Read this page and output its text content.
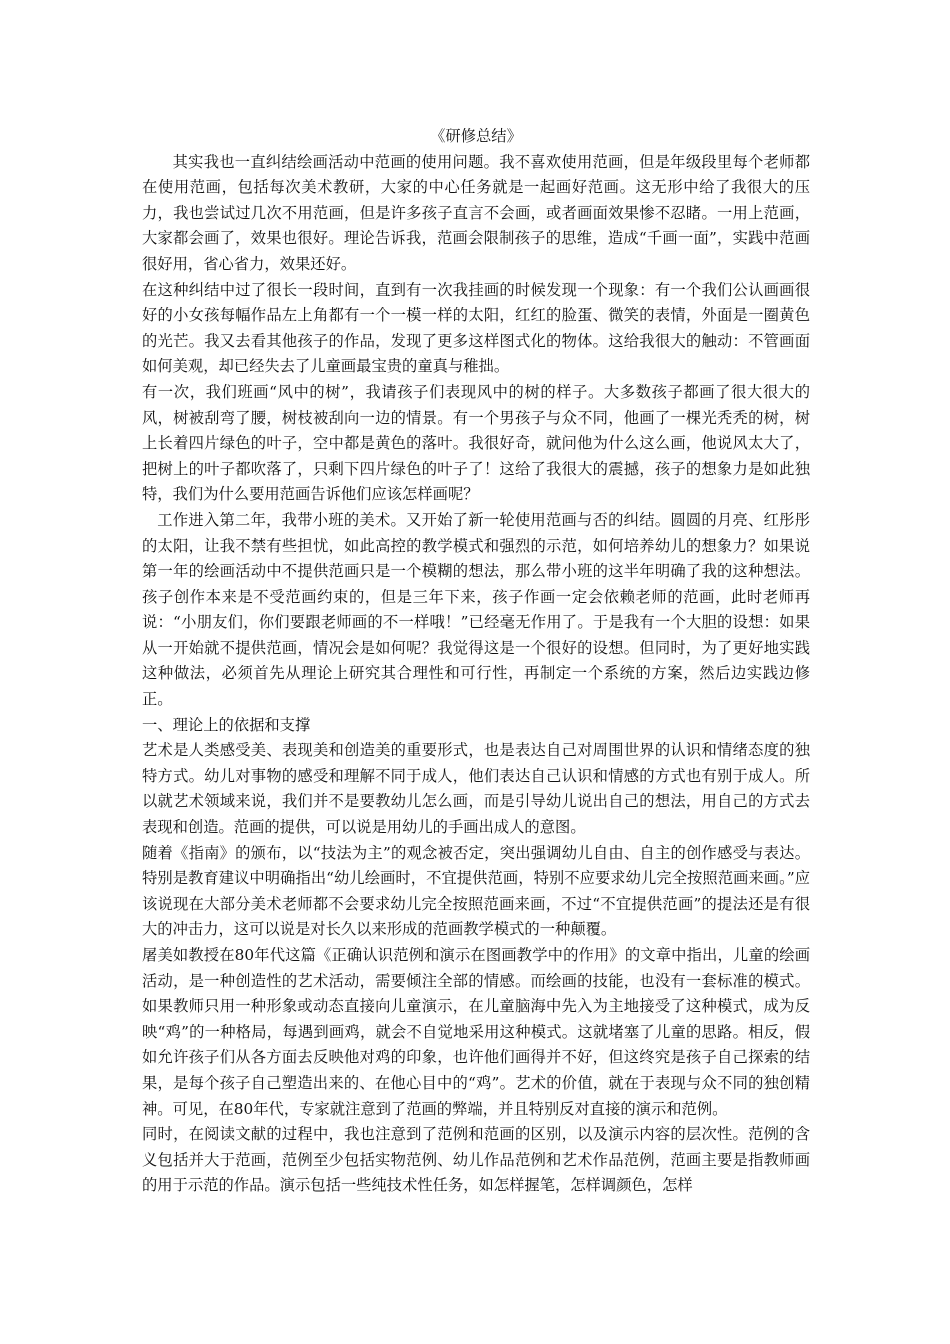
《研修总结》

其实我也一直纠结绘画活动中范画的使用问题。我不喜欢使用范画，但是年级段里每个老师都在使用范画，包括每次美术教研，大家的中心任务就是一起画好范画。这无形中给了我很大的压力，我也尝试过几次不用范画，但是许多孩子直言不会画，或者画面效果惨不忍睹。一用上范画，大家都会画了，效果也很好。理论告诉我，范画会限制孩子的思维，造成“千画一面”，实践中范画很好用，省心省力，效果还好。

在这种纠结中过了很长一段时间，直到有一次我挂画的时候发现一个现象：有一个我们公认画画很好的小女孩每幅作品左上角都有一个一模一样的太阳，红红的脸蛋、微笑的表情，外面是一圈黄色的光芒。我又去看其他孩子的作品，发现了更多这样图式化的物体。这给我很大的触动：不管画面如何美观，却已经失去了儿童画最宝贵的童真与稚拙。

有一次，我们班画“风中的树”，我请孩子们表现风中的树的样子。大多数孩子都画了很大很大的风，树被刮弯了腰，树枝被刮向一边的情景。有一个男孩子与众不同，他画了一棵光秃秃的树，树上长着四片绿色的叶子，空中都是黄色的落叶。我很好奇，就问他为什么这么画，他说风太大了，把树上的叶子都吹落了，只剩下四片绿色的叶子了！这给了我很大的震撼，孩子的想象力是如此独特，我们为什么要用范画告诉他们应该怎样画呢？

工作进入第二年，我带小班的美术。又开始了新一轮使用范画与否的纠结。圆圆的月亮、红彤彤的太阳，让我不禁有些担忧，如此高控的教学模式和强烈的示范，如何培养幼儿的想象力？如果说第一年的绘画活动中不提供范画只是一个模糊的想法，那么带小班的这半年明确了我的这种想法。孩子创作本来是不受范画约束的，但是三年下来，孩子作画一定会依赖老师的范画，此时老师再说：“小朋友们，你们要跟老师画的不一样哦！”已经毫无作用了。于是我有一个大胆的设想：如果从一开始就不提供范画，情况会是如何呢？我觉得这是一个很好的设想。但同时，为了更好地实践这种做法，必须首先从理论上研究其合理性和可行性，再制定一个系统的方案，然后边实践边修正。

一、理论上的依据和支撑

艺术是人类感受美、表现美和创造美的重要形式，也是表达自己对周围世界的认识和情绪态度的独特方式。幼儿对事物的感受和理解不同于成人，他们表达自己认识和情感的方式也有别于成人。所以就艺术领域来说，我们并不是要教幼儿怎么画，而是引导幼儿说出自己的想法，用自己的方式去表现和创造。范画的提供，可以说是用幼儿的手画出成人的意图。

随着《指南》的颁布，以“技法为主”的观念被否定，突出强调幼儿自由、自主的创作感受与表达。特别是教育建议中明确指出“幼儿绘画时，不宜提供范画，特别不应要求幼儿完全按照范画来画。”应该说现在大部分美术老师都不会要求幼儿完全按照范画来画，不过“不宜提供范画”的提法还是有很大的冲击力，这可以说是对长久以来形成的范画教学模式的一种颠覆。

屠美如教授在80年代这篇《正确认识范例和演示在图画教学中的作用》的文章中指出，儿童的绘画活动，是一种创造性的艺术活动，需要倾注全部的情感。而绘画的技能，也没有一套标准的模式。如果教师只用一种形象或动态直接向儿童演示，在儿童脑海中先入为主地接受了这种模式，成为反映“鸡”的一种格局，每遇到画鸡，就会不自觉地采用这种模式。这就堵塞了儿童的思路。相反，假如允许孩子们从各方面去反映他对鸡的印象，也许他们画得并不好，但这终究是孩子自己探索的结果，是每个孩子自己塑造出来的、在他心目中的“鸡”。艺术的价值，就在于表现与众不同的独创精神。可见，在80年代，专家就注意到了范画的弊端，并且特别反对直接的演示和范例。

同时，在阅读文献的过程中，我也注意到了范例和范画的区别，以及演示内容的层次性。范例的含义包括并大于范画，范例至少包括实物范例、幼儿作品范例和艺术作品范例，范画主要是指教师画的用于示范的作品。演示包括一些纯技术性任务，如怎样握笔，怎样调颜色，怎样
